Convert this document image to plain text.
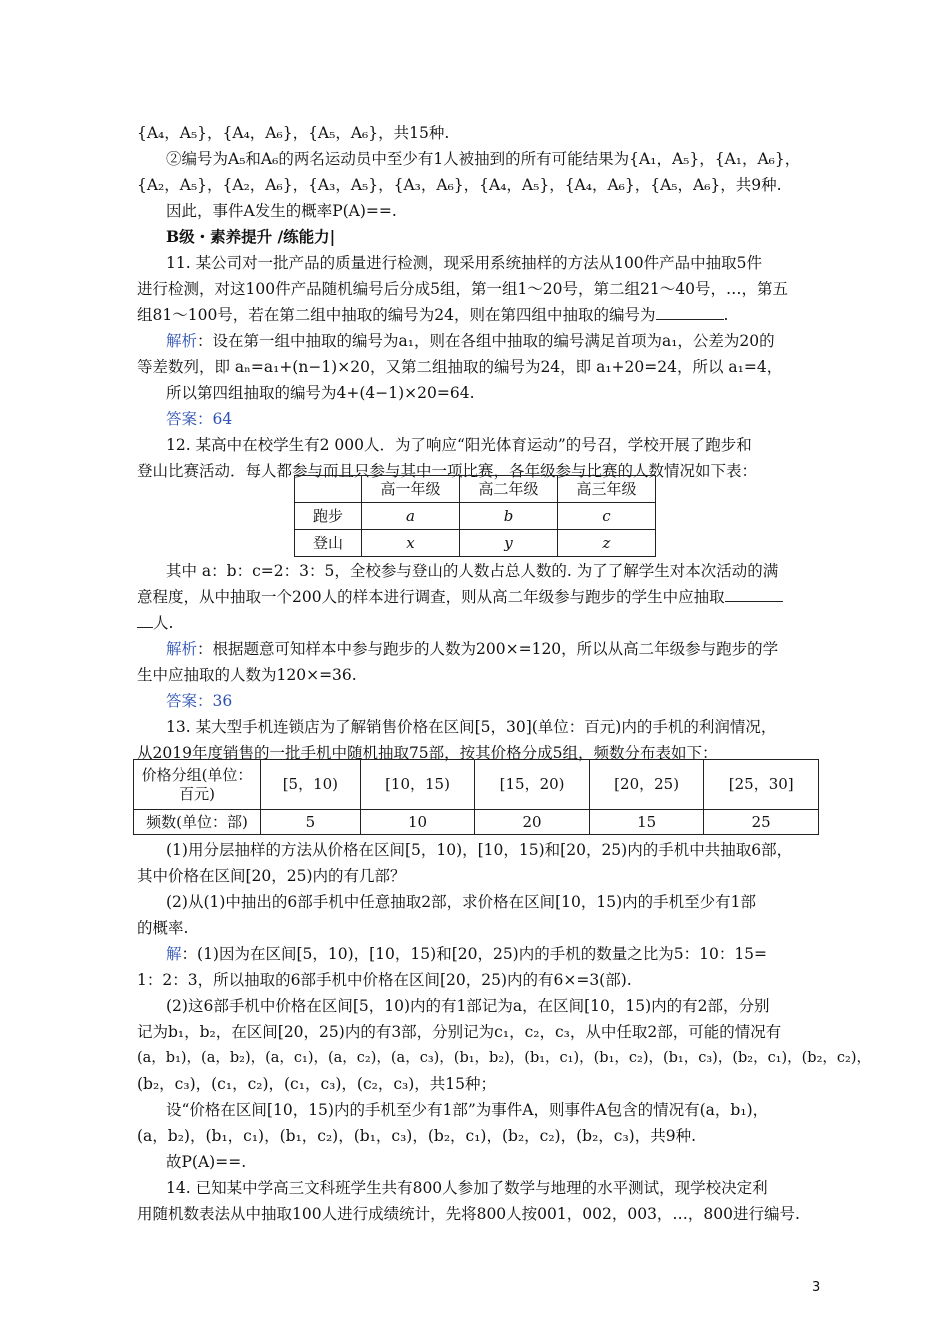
{A₄，A₅}，{A₄，A₆}，{A₅，A₆}，共15种.
②编号为A₅和A₆的两名运动员中至少有1人被抽到的所有可能结果为{A₁，A₅}，{A₁，A₆}，
{A₂，A₅}，{A₂，A₆}，{A₃，A₅}，{A₃，A₆}，{A₄，A₅}，{A₄，A₆}，{A₅，A₆}，共9种.
因此，事件A发生的概率P(A)==.
B级・素养提升 /练能力|
11. 某公司对一批产品的质量进行检测，现采用系统抽样的方法从100件产品中抽取5件
进行检测，对这100件产品随机编号后分成5组，第一组1～20号，第二组21～40号，…，第五
组81～100号，若在第二组中抽取的编号为24，则在第四组中抽取的编号为	.
解析：设在第一组中抽取的编号为a₁，则在各组中抽取的编号满足首项为a₁，公差为20的
等差数列，即 aₙ=a₁+(n−1)×20，又第二组抽取的编号为24，即 a₁+20=24，所以 a₁=4，
所以第四组抽取的编号为4+(4−1)×20=64.
答案：64
12. 某高中在校学生有2 000人．为了响应“阳光体育运动”的号召，学校开展了跑步和
登山比赛活动．每人都参与而且只参与其中一项比赛，各年级参与比赛的人数情况如下表：
	高一年级	高二年级	高三年级
跑步	a	b	c
登山	x	y	z
其中 a：b：c=2：3：5，全校参与登山的人数占总人数的. 为了了解学生对本次活动的满
意程度，从中抽取一个200人的样本进行调查，则从高二年级参与跑步的学生中应抽取
人.
解析：根据题意可知样本中参与跑步的人数为200×=120，所以从高二年级参与跑步的学
生中应抽取的人数为120×=36.
答案：36
13. 某大型手机连锁店为了解销售价格在区间[5，30](单位：百元)内的手机的利润情况，
从2019年度销售的一批手机中随机抽取75部，按其价格分成5组，频数分布表如下：
价格分组(单位：百元)	[5，10)	[10，15)	[15，20)	[20，25)	[25，30]
频数(单位：部)	5	10	20	15	25
(1)用分层抽样的方法从价格在区间[5，10)，[10，15)和[20，25)内的手机中共抽取6部，
其中价格在区间[20，25)内的有几部？
(2)从(1)中抽出的6部手机中任意抽取2部，求价格在区间[10，15)内的手机至少有1部
的概率.
解：(1)因为在区间[5，10)，[10，15)和[20，25)内的手机的数量之比为5：10：15=
1：2：3，所以抽取的6部手机中价格在区间[20，25)内的有6×=3(部).
(2)这6部手机中价格在区间[5，10)内的有1部记为a，在区间[10，15)内的有2部，分别
记为b₁，b₂，在区间[20，25)内的有3部，分别记为c₁，c₂，c₃，从中任取2部，可能的情况有
(a，b₁)，(a，b₂)，(a，c₁)，(a，c₂)，(a，c₃)，(b₁，b₂)，(b₁，c₁)，(b₁，c₂)，(b₁，c₃)，(b₂，c₁)，(b₂，c₂)，
(b₂，c₃)，(c₁，c₂)，(c₁，c₃)，(c₂，c₃)，共15种；
设“价格在区间[10，15)内的手机至少有1部”为事件A，则事件A包含的情况有(a，b₁)，
(a，b₂)，(b₁，c₁)，(b₁，c₂)，(b₁，c₃)，(b₂，c₁)，(b₂，c₂)，(b₂，c₃)，共9种.
故P(A)==.
14. 已知某中学高三文科班学生共有800人参加了数学与地理的水平测试，现学校决定利
用随机数表法从中抽取100人进行成绩统计，先将800人按001，002，003，…，800进行编号.
3
